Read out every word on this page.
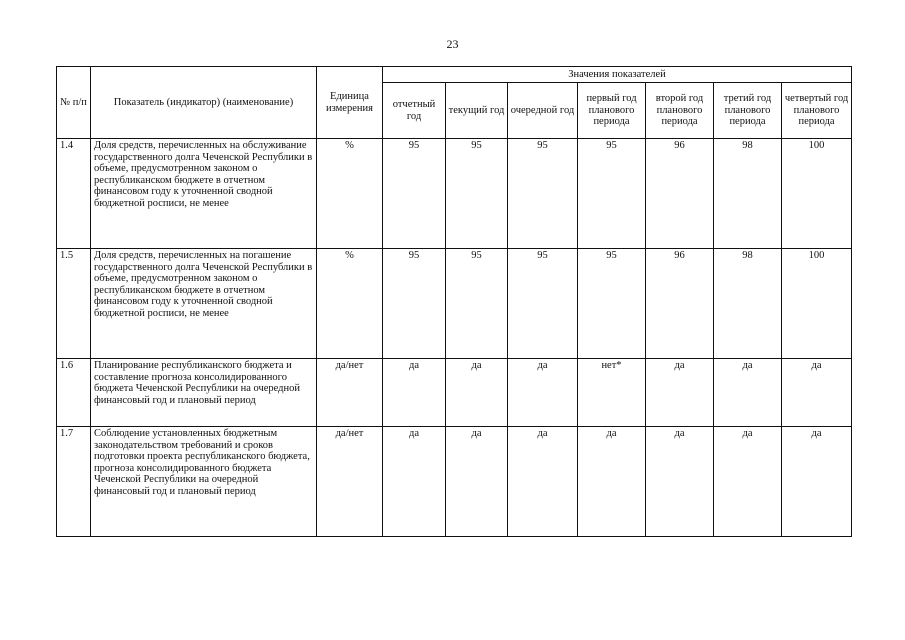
23
№ п/п	Показатель (индикатор) (наименование)	Единица измерения	Значения показателей						
			отчетный год	текущий год	очередной год	первый год планового периода	второй год планового периода	третий год планового периода	четвертый год планового периода
1.4	Доля средств, перечисленных на обслуживание государственного долга Чеченской Республики в объеме, предусмотренном законом о республиканском бюджете в отчетном финансовом году к уточненной сводной бюджетной росписи, не менее	%	95	95	95	95	96	98	100
1.5	Доля средств, перечисленных на погашение государственного долга Чеченской Республики в объеме, предусмотренном законом о республиканском бюджете в отчетном финансовом году к уточненной сводной бюджетной росписи, не менее	%	95	95	95	95	96	98	100
1.6	Планирование республиканского бюджета и составление прогноза консолидированного бюджета Чеченской Республики на очередной финансовый год и плановый период	да/нет	да	да	да	нет*	да	да	да
1.7	Соблюдение установленных бюджетным законодательством требований и сроков подготовки проекта республиканского бюджета, прогноза консолидированного бюджета Чеченской Республики на очередной финансовый год и плановый период	да/нет	да	да	да	да	да	да	да
